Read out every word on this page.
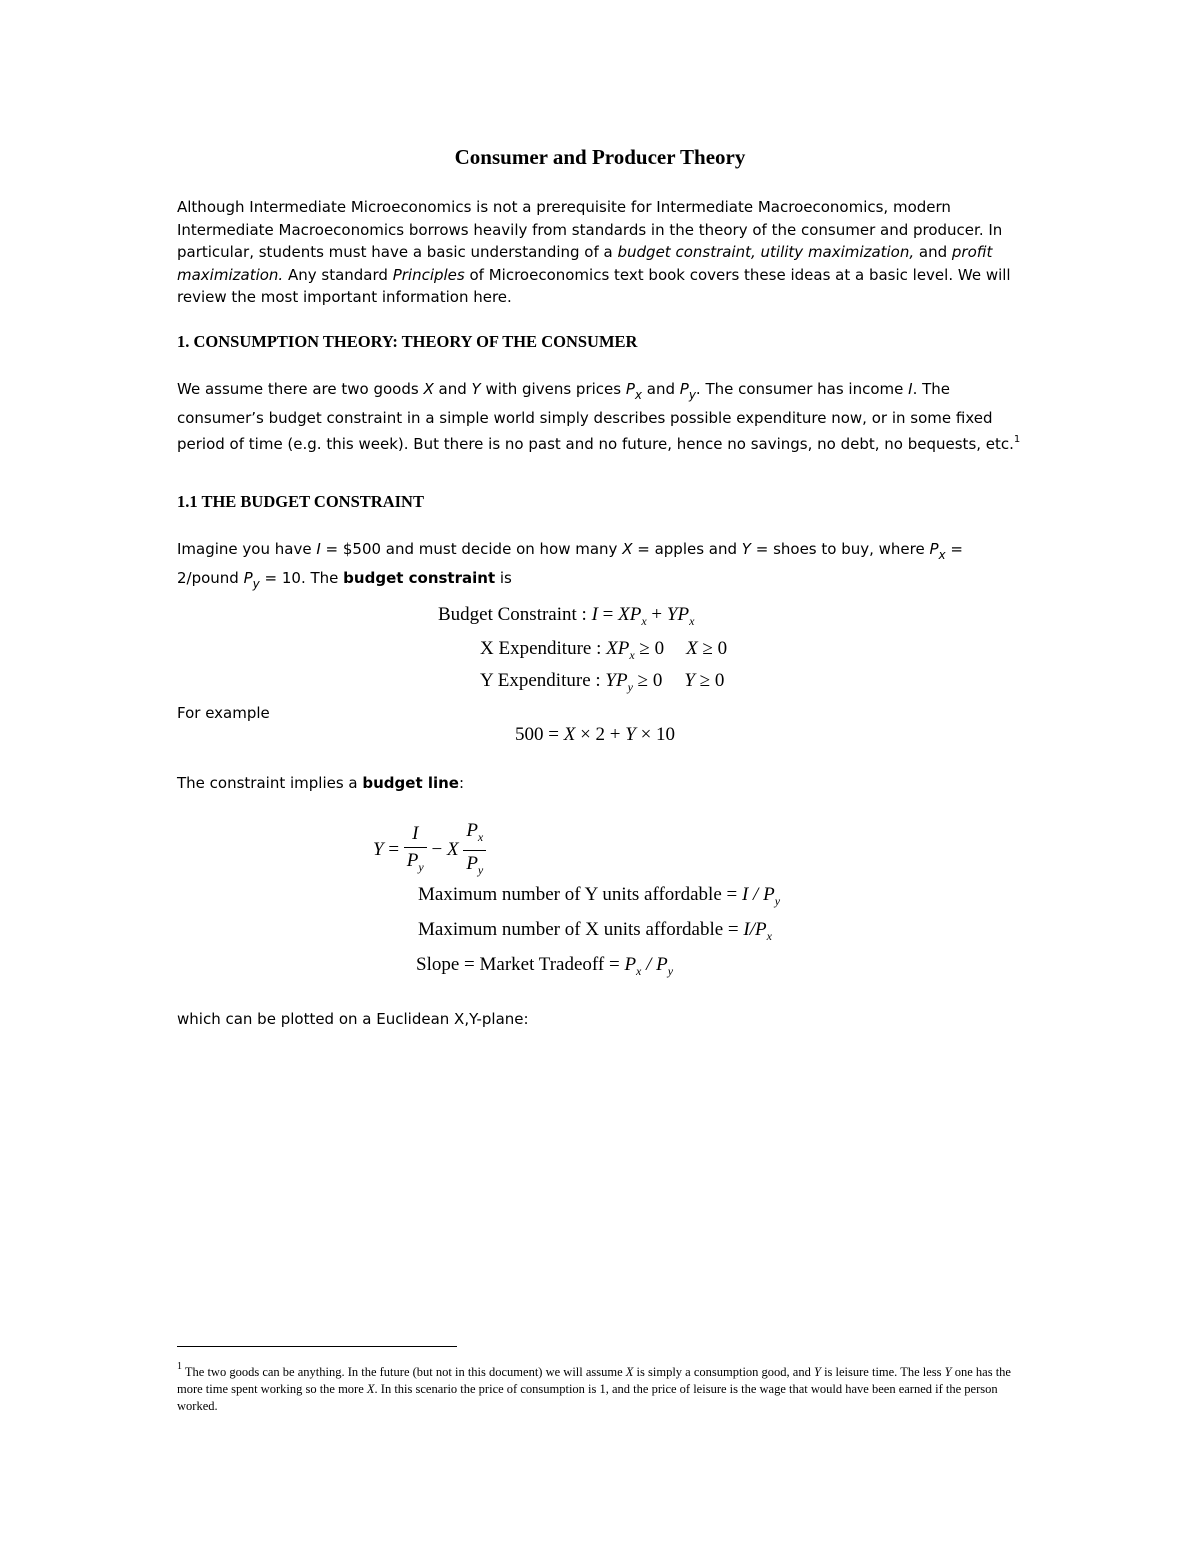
Consumer and Producer Theory
Although Intermediate Microeconomics is not a prerequisite for Intermediate Macroeconomics, modern Intermediate Macroeconomics borrows heavily from standards in the theory of the consumer and producer. In particular, students must have a basic understanding of a budget constraint, utility maximization, and profit maximization. Any standard Principles of Microeconomics text book covers these ideas at a basic level. We will review the most important information here.
1. CONSUMPTION THEORY: THEORY OF THE CONSUMER
We assume there are two goods X and Y with givens prices $P_x$ and $P_y$. The consumer has income I. The consumer’s budget constraint in a simple world simply describes possible expenditure now, or in some fixed period of time (e.g. this week). But there is no past and no future, hence no savings, no debt, no bequests, etc.$^1$
1.1 THE BUDGET CONSTRAINT
Imagine you have I = $500 and must decide on how many X = apples and Y = shoes to buy, where $P_x$ = 2/pound $P_y = 10$. The budget constraint is
Budget Constraint : $I = XP_x + YP_x$
X Expenditure : $XP_x \ge 0$ X ≥ 0
Y Expenditure : $YP_y \ge 0$ Y ≥ 0
For example
500 = X × 2 + Y × 10
The constraint implies a budget line:
$Y = \frac{I}{P_y} - X \frac{P_x}{P_y}$
Maximum number of Y units affordable = I / $P_y$
Maximum number of X units affordable = $I/P_x$
Slope = Market Tradeoff = $P_x / P_y$
which can be plotted on a Euclidean X,Y-plane:
$^1$ The two goods can be anything. In the future (but not in this document) we will assume X is simply a consumption good, and Y is leisure time. The less Y one has the more time spent working so the more X. In this scenario the price of consumption is 1, and the price of leisure is the wage that would have been earned if the person worked.
